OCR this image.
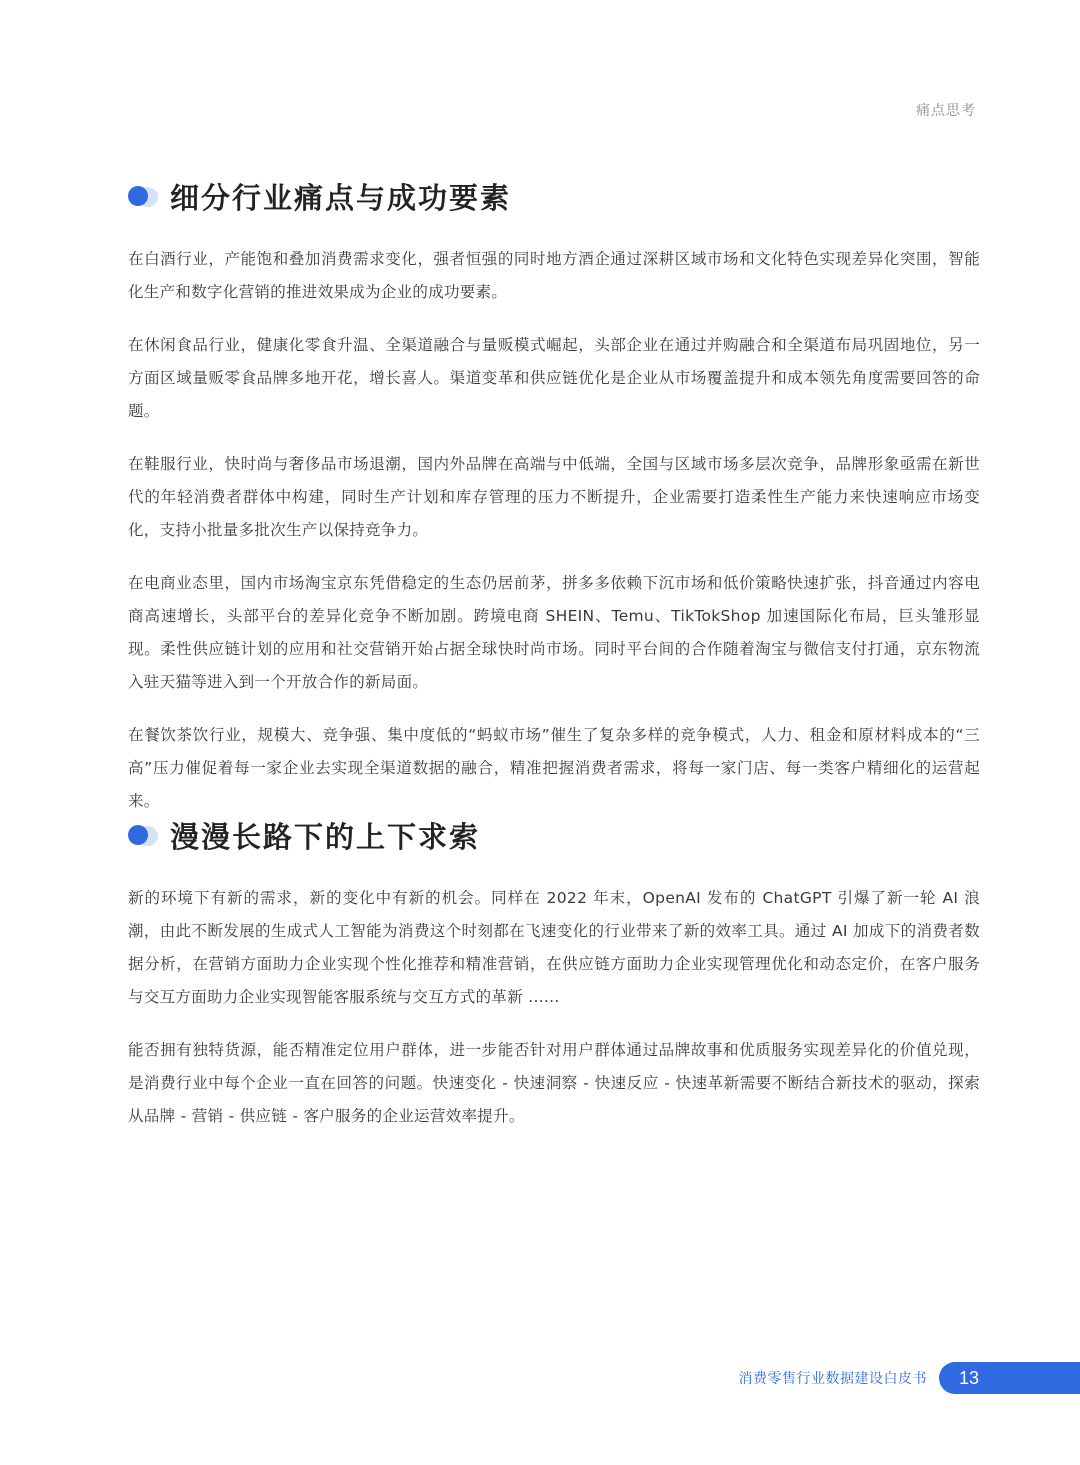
痛点思考
细分行业痛点与成功要素

在白酒行业，产能饱和叠加消费需求变化，强者恒强的同时地方酒企通过深耕区域市场和文化特色实现差异化突围，智能化生产和数字化营销的推进效果成为企业的成功要素。

在休闲食品行业，健康化零食升温、全渠道融合与量贩模式崛起，头部企业在通过并购融合和全渠道布局巩固地位，另一方面区域量贩零食品牌多地开花，增长喜人。渠道变革和供应链优化是企业从市场覆盖提升和成本领先角度需要回答的命题。

在鞋服行业，快时尚与奢侈品市场退潮，国内外品牌在高端与中低端，全国与区域市场多层次竞争，品牌形象亟需在新世代的年轻消费者群体中构建，同时生产计划和库存管理的压力不断提升，企业需要打造柔性生产能力来快速响应市场变化，支持小批量多批次生产以保持竞争力。

在电商业态里，国内市场淘宝京东凭借稳定的生态仍居前茅，拼多多依赖下沉市场和低价策略快速扩张，抖音通过内容电商高速增长，头部平台的差异化竞争不断加剧。跨境电商 SHEIN、Temu、TikTokShop 加速国际化布局，巨头雏形显现。柔性供应链计划的应用和社交营销开始占据全球快时尚市场。同时平台间的合作随着淘宝与微信支付打通，京东物流入驻天猫等进入到一个开放合作的新局面。

在餐饮茶饮行业，规模大、竞争强、集中度低的“蚂蚁市场”催生了复杂多样的竞争模式，人力、租金和原材料成本的“三高”压力催促着每一家企业去实现全渠道数据的融合，精准把握消费者需求，将每一家门店、每一类客户精细化的运营起来。

漫漫长路下的上下求索

新的环境下有新的需求，新的变化中有新的机会。同样在 2022 年末，OpenAI 发布的 ChatGPT 引爆了新一轮 AI 浪潮，由此不断发展的生成式人工智能为消费这个时刻都在飞速变化的行业带来了新的效率工具。通过 AI 加成下的消费者数据分析，在营销方面助力企业实现个性化推荐和精准营销，在供应链方面助力企业实现管理优化和动态定价，在客户服务与交互方面助力企业实现智能客服系统与交互方式的革新 ......

能否拥有独特货源，能否精准定位用户群体，进一步能否针对用户群体通过品牌故事和优质服务实现差异化的价值兑现，是消费行业中每个企业一直在回答的问题。快速变化 - 快速洞察 - 快速反应 - 快速革新需要不断结合新技术的驱动，探索从品牌 - 营销 - 供应链 - 客户服务的企业运营效率提升。

消费零售行业数据建设白皮书 13
